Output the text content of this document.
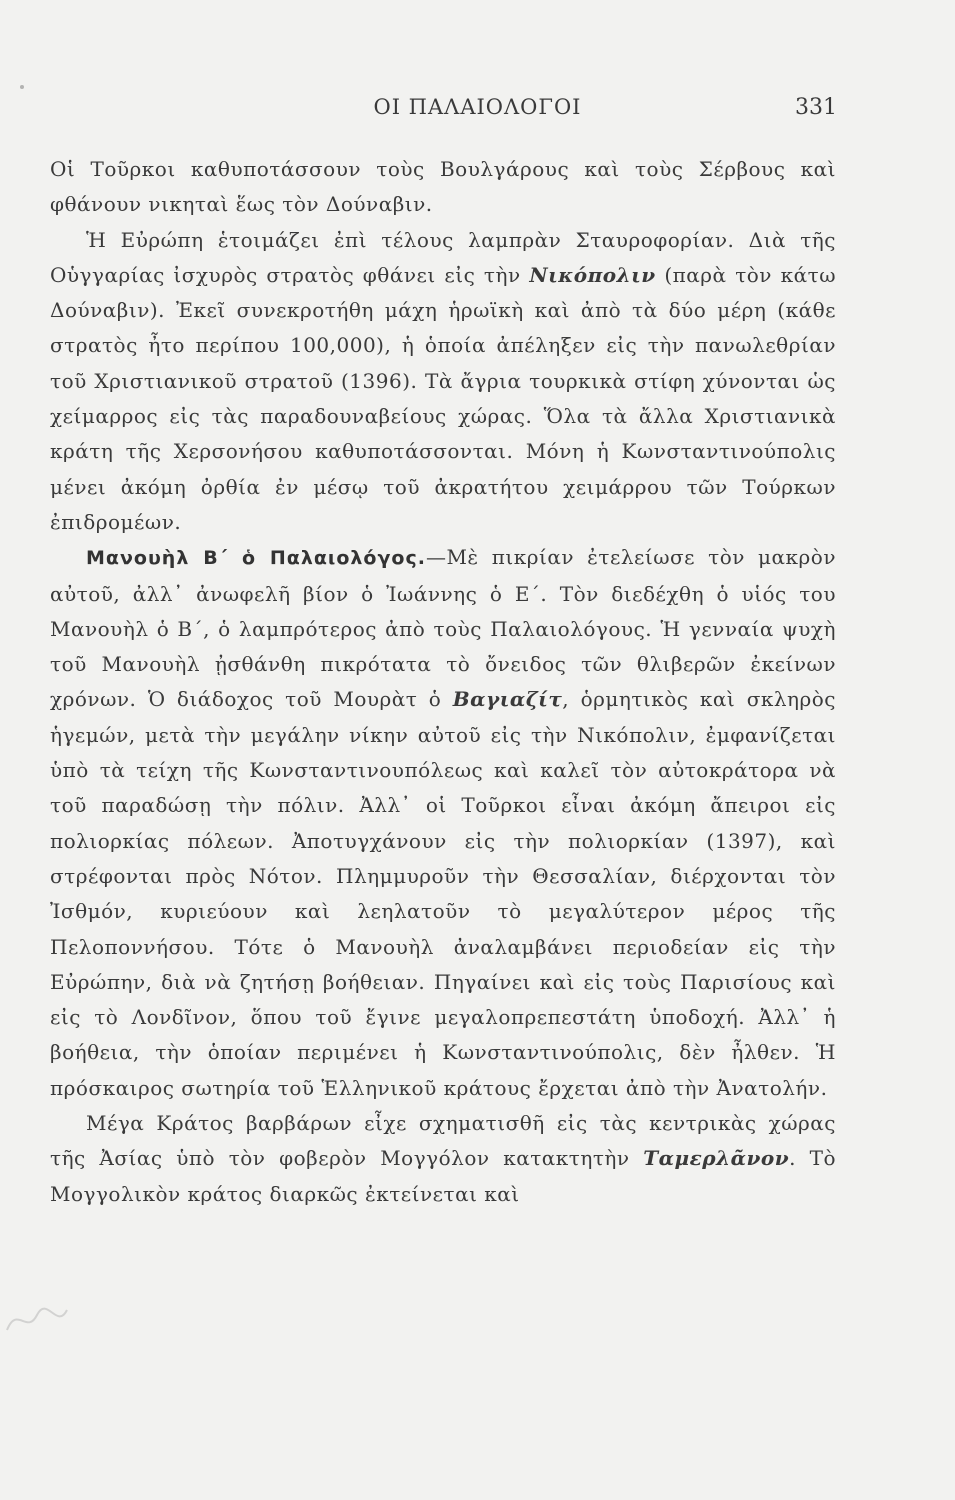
ΟΙ ΠΑΛΑΙΟΛΟΓΟΙ	331

Οἱ Τοῦρκοι καθυποτάσσουν τοὺς Βουλγάρους καὶ τοὺς Σέρβους καὶ φθάνουν νικηταὶ ἕως τὸν Δούναβιν.

Ἡ Εὐρώπη ἑτοιμάζει ἐπὶ τέλους λαμπρὰν Σταυροφορίαν. Διὰ τῆς Οὑγγαρίας ἰσχυρὸς στρατὸς φθάνει εἰς τὴν Νικόπολιν (παρὰ τὸν κάτω Δούναβιν). Ἐκεῖ συνεκροτήθη μάχη ἡρωϊκὴ καὶ ἀπὸ τὰ δύο μέρη (κάθε στρατὸς ἦτο περίπου 100,000), ἡ ὁποία ἀπέληξεν εἰς τὴν πανωλεθρίαν τοῦ Χριστιανικοῦ στρατοῦ (1396). Τὰ ἄγρια τουρκικὰ στίφη χύνονται ὡς χείμαρρος εἰς τὰς παραδουναβείους χώρας. Ὅλα τὰ ἄλλα Χριστιανικὰ κράτη τῆς Χερσονήσου καθυποτάσσονται. Μόνη ἡ Κωνσταντινούπολις μένει ἀκόμη ὀρθία ἐν μέσῳ τοῦ ἀκρατήτου χειμάρρου τῶν Τούρκων ἐπιδρομέων.

Μανουὴλ Β΄ ὁ Παλαιολόγος.—Μὲ πικρίαν ἐτελείωσε τὸν μακρὸν αὐτοῦ, ἀλλ᾽ ἀνωφελῆ βίον ὁ Ἰωάννης ὁ Ε΄. Τὸν διεδέχθη ὁ υἱός του Μανουὴλ ὁ Β΄, ὁ λαμπρότερος ἀπὸ τοὺς Παλαιολόγους. Ἡ γενναία ψυχὴ τοῦ Μανουὴλ ᾐσθάνθη πικρότατα τὸ ὄνειδος τῶν θλιβερῶν ἐκείνων χρόνων. Ὁ διάδοχος τοῦ Μουρὰτ ὁ Βαγιαζίτ, ὁρμητικὸς καὶ σκληρὸς ἡγεμών, μετὰ τὴν μεγάλην νίκην αὐτοῦ εἰς τὴν Νικόπολιν, ἐμφανίζεται ὑπὸ τὰ τείχη τῆς Κωνσταντινουπόλεως καὶ καλεῖ τὸν αὐτοκράτορα νὰ τοῦ παραδώσῃ τὴν πόλιν. Ἀλλ᾽ οἱ Τοῦρκοι εἶναι ἀκόμη ἄπειροι εἰς πολιορκίας πόλεων. Ἀποτυγχάνουν εἰς τὴν πολιορκίαν (1397), καὶ στρέφονται πρὸς Νότον. Πλημμυροῦν τὴν Θεσσαλίαν, διέρχονται τὸν Ἰσθμόν, κυριεύουν καὶ λεηλατοῦν τὸ μεγαλύτερον μέρος τῆς Πελοποννήσου. Τότε ὁ Μανουὴλ ἀναλαμβάνει περιοδείαν εἰς τὴν Εὐρώπην, διὰ νὰ ζητήσῃ βοήθειαν. Πηγαίνει καὶ εἰς τοὺς Παρισίους καὶ εἰς τὸ Λονδῖνον, ὅπου τοῦ ἔγινε μεγαλοπρεπεστάτη ὑποδοχή. Ἀλλ᾽ ἡ βοήθεια, τὴν ὁποίαν περιμένει ἡ Κωνσταντινούπολις, δὲν ἦλθεν. Ἡ πρόσκαιρος σωτηρία τοῦ Ἑλληνικοῦ κράτους ἔρχεται ἀπὸ τὴν Ἀνατολήν.

Μέγα Κράτος βαρβάρων εἶχε σχηματισθῆ εἰς τὰς κεντρικὰς χώρας τῆς Ἀσίας ὑπὸ τὸν φοβερὸν Μογγόλον κατακτητὴν Ταμερλᾶνον. Τὸ Μογγολικὸν κράτος διαρκῶς ἐκτείνεται καὶ
